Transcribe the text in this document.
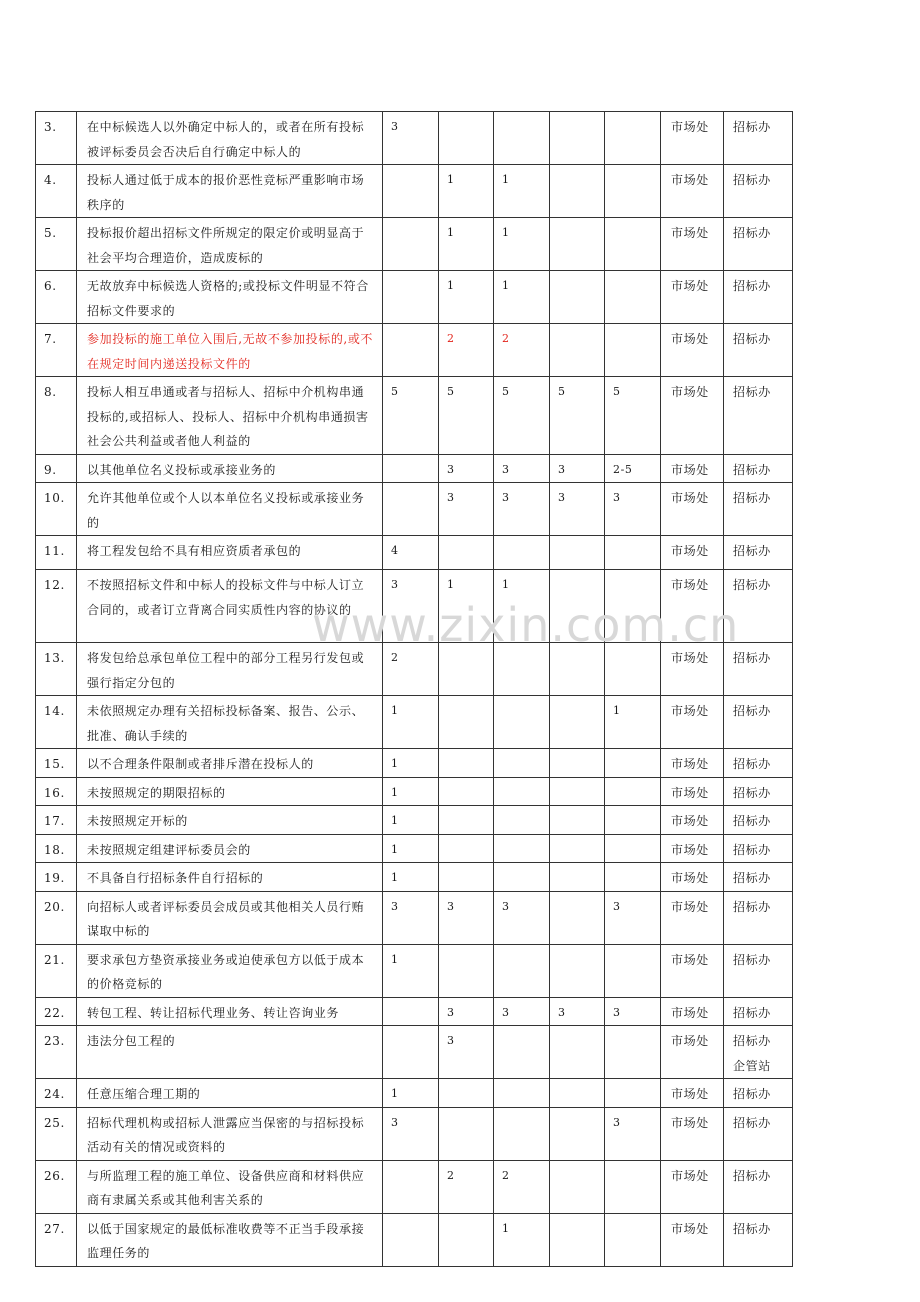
3.	在中标候选人以外确定中标人的，或者在所有投标被评标委员会否决后自行确定中标人的	3					市场处	招标办
4.	投标人通过低于成本的报价恶性竞标严重影响市场秩序的		1	1			市场处	招标办
5.	投标报价超出招标文件所规定的限定价或明显高于社会平均合理造价，造成废标的		1	1			市场处	招标办
6.	无故放弃中标候选人资格的;或投标文件明显不符合招标文件要求的		1	1			市场处	招标办
7.	参加投标的施工单位入围后,无故不参加投标的,或不在规定时间内递送投标文件的		2	2			市场处	招标办
8.	投标人相互串通或者与招标人、招标中介机构串通投标的,或招标人、投标人、招标中介机构串通损害社会公共利益或者他人利益的	5	5	5	5	5	市场处	招标办
9.	以其他单位名义投标或承接业务的		3	3	3	2-5	市场处	招标办
10.	允许其他单位或个人以本单位名义投标或承接业务的		3	3	3	3	市场处	招标办
11.	将工程发包给不具有相应资质者承包的	4					市场处	招标办
12.	不按照招标文件和中标人的投标文件与中标人订立合同的，或者订立背离合同实质性内容的协议的	3	1	1			市场处	招标办
13.	将发包给总承包单位工程中的部分工程另行发包或强行指定分包的	2					市场处	招标办
14.	未依照规定办理有关招标投标备案、报告、公示、批准、确认手续的	1				1	市场处	招标办
15.	以不合理条件限制或者排斥潜在投标人的	1					市场处	招标办
16.	未按照规定的期限招标的	1					市场处	招标办
17.	未按照规定开标的	1					市场处	招标办
18.	未按照规定组建评标委员会的	1					市场处	招标办
19.	不具备自行招标条件自行招标的	1					市场处	招标办
20.	向招标人或者评标委员会成员或其他相关人员行贿谋取中标的	3	3	3		3	市场处	招标办
21.	要求承包方垫资承接业务或迫使承包方以低于成本的价格竞标的	1					市场处	招标办
22.	转包工程、转让招标代理业务、转让咨询业务		3	3	3	3	市场处	招标办
23.	违法分包工程的		3				市场处	招标办
企管站

24.	任意压缩合理工期的	1					市场处	招标办
25.	招标代理机构或招标人泄露应当保密的与招标投标活动有关的情况或资料的	3				3	市场处	招标办
26.	与所监理工程的施工单位、设备供应商和材料供应商有隶属关系或其他利害关系的		2	2			市场处	招标办
27.	以低于国家规定的最低标准收费等不正当手段承接监理任务的			1			市场处	招标办
www.zixin.com.cn
